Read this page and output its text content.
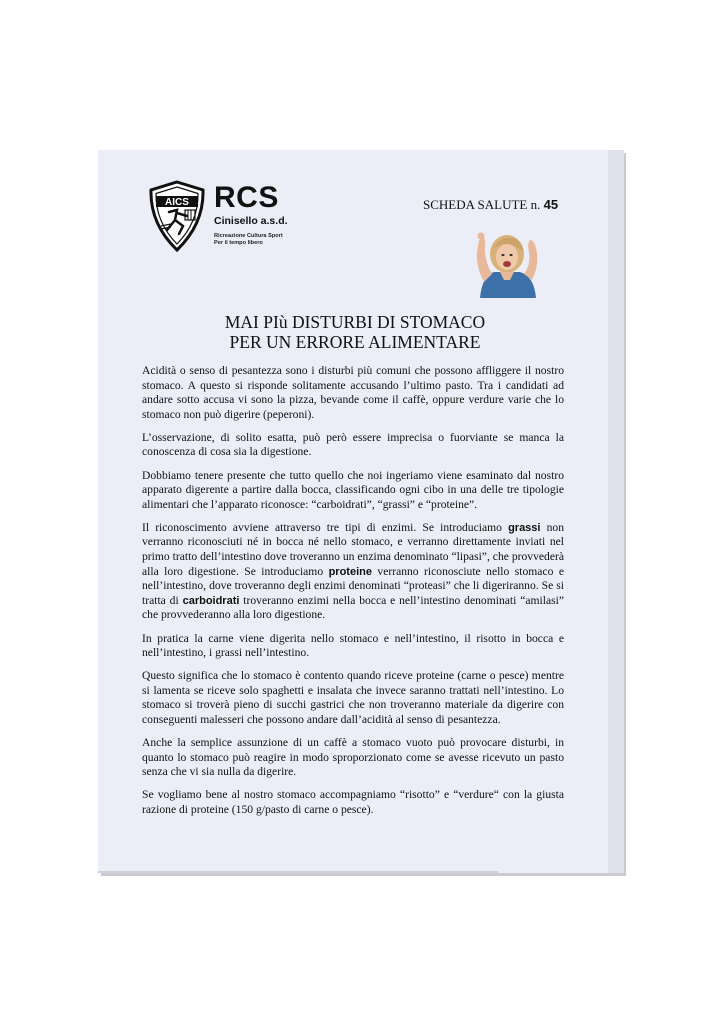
AICS RCS
Cinisello a.s.d.
Ricreazione Cultura Sport
Per il tempo libero
SCHEDA SALUTE n. 45
MAI PIù DISTURBI DI STOMACO
PER UN ERRORE ALIMENTARE

Acidità o senso di pesantezza sono i disturbi più comuni che possono affliggere il nostro stomaco. A questo si risponde solitamente accusando l’ultimo pasto. Tra i candidati ad andare sotto accusa vi sono la pizza, bevande come il caffè, oppure verdure varie che lo stomaco non può digerire (peperoni).

L’osservazione, di solito esatta, può però essere imprecisa o fuorviante se manca la conoscenza di cosa sia la digestione.

Dobbiamo tenere presente che tutto quello che noi ingeriamo viene esaminato dal nostro apparato digerente a partire dalla bocca, classificando ogni cibo in una delle tre tipologie alimentari che l’apparato riconosce: “carboidrati”, “grassi” e “proteine”.

Il riconoscimento avviene attraverso tre tipi di enzimi. Se introduciamo grassi non verranno riconosciuti né in bocca né nello stomaco, e verranno direttamente inviati nel primo tratto dell’intestino dove troveranno un enzima denominato “lipasi”, che provvederà alla loro digestione. Se introduciamo proteine verranno riconosciute nello stomaco e nell’intestino, dove troveranno degli enzimi denominati “proteasi” che li digeriranno. Se si tratta di carboidrati troveranno enzimi nella bocca e nell’intestino denominati “amilasi” che provvederanno alla loro digestione.

In pratica la carne viene digerita nello stomaco e nell’intestino, il risotto in bocca e nell’intestino, i grassi nell’intestino.

Questo significa che lo stomaco è contento quando riceve proteine (carne o pesce) mentre si lamenta se riceve solo spaghetti e insalata che invece saranno trattati nell’intestino. Lo stomaco si troverà pieno di succhi gastrici che non troveranno materiale da digerire con conseguenti malesseri che possono andare dall’acidità al senso di pesantezza.

Anche la semplice assunzione di un caffè a stomaco vuoto può provocare disturbi, in quanto lo stomaco può reagire in modo sproporzionato come se avesse ricevuto un pasto senza che vi sia nulla da digerire.

Se vogliamo bene al nostro stomaco accompagniamo “risotto” e “verdure“ con la giusta razione di proteine (150 g/pasto di carne o pesce).
